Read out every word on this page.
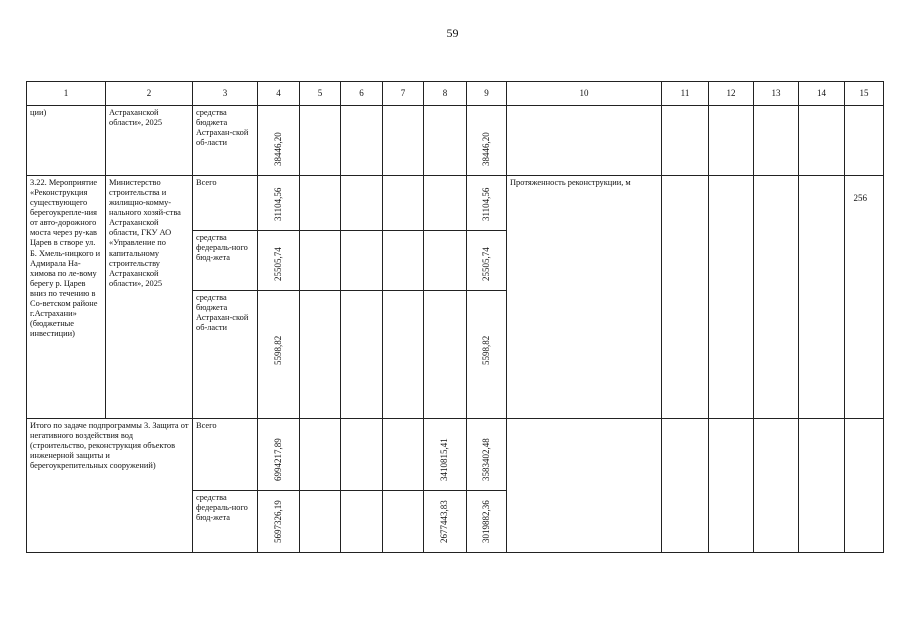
59
1	2	3	4	5	6	7	8	9	10	11	12	13	14	15
ции)	Астраханской области», 2025	средства бюджета Астрахан-ской об-ласти	38446,20					38446,20						

3.22. Мероприятие «Реконструкция существующего берегоукрепле-ния от авто-дорожного моста через ру-кав Царев в створе ул. Б. Хмель-ницкого и Адмирала На-химова по ле-вому берегу р. Царев вниз по течению в Со-ветском районе г.Астрахани» (бюджетные инвестиции)	Министерство строительства и жилищно-комму-нального хозяй-ства Астраханской области, ГКУ АО «Управление по капитальному строительству Астраханской области», 2025	Всего	31104,56					31104,56	Протяженность реконструкции, м					256
		средства федераль-ного бюд-жета	25505,74					25505,74						

		средства бюджета Астрахан-ской об-ласти	5598,82					5598,82						

Итого по задаче подпрограммы 3. Защита от негативного воздействия вод (строительство, реконструкция объектов инженерной защиты и берегоукрепительных сооружений)		Всего	6994217,89				3410815,41	3583402,48						

		средства федераль-ного бюд-жета	5697326,19				2677443,83	3019882,36						
